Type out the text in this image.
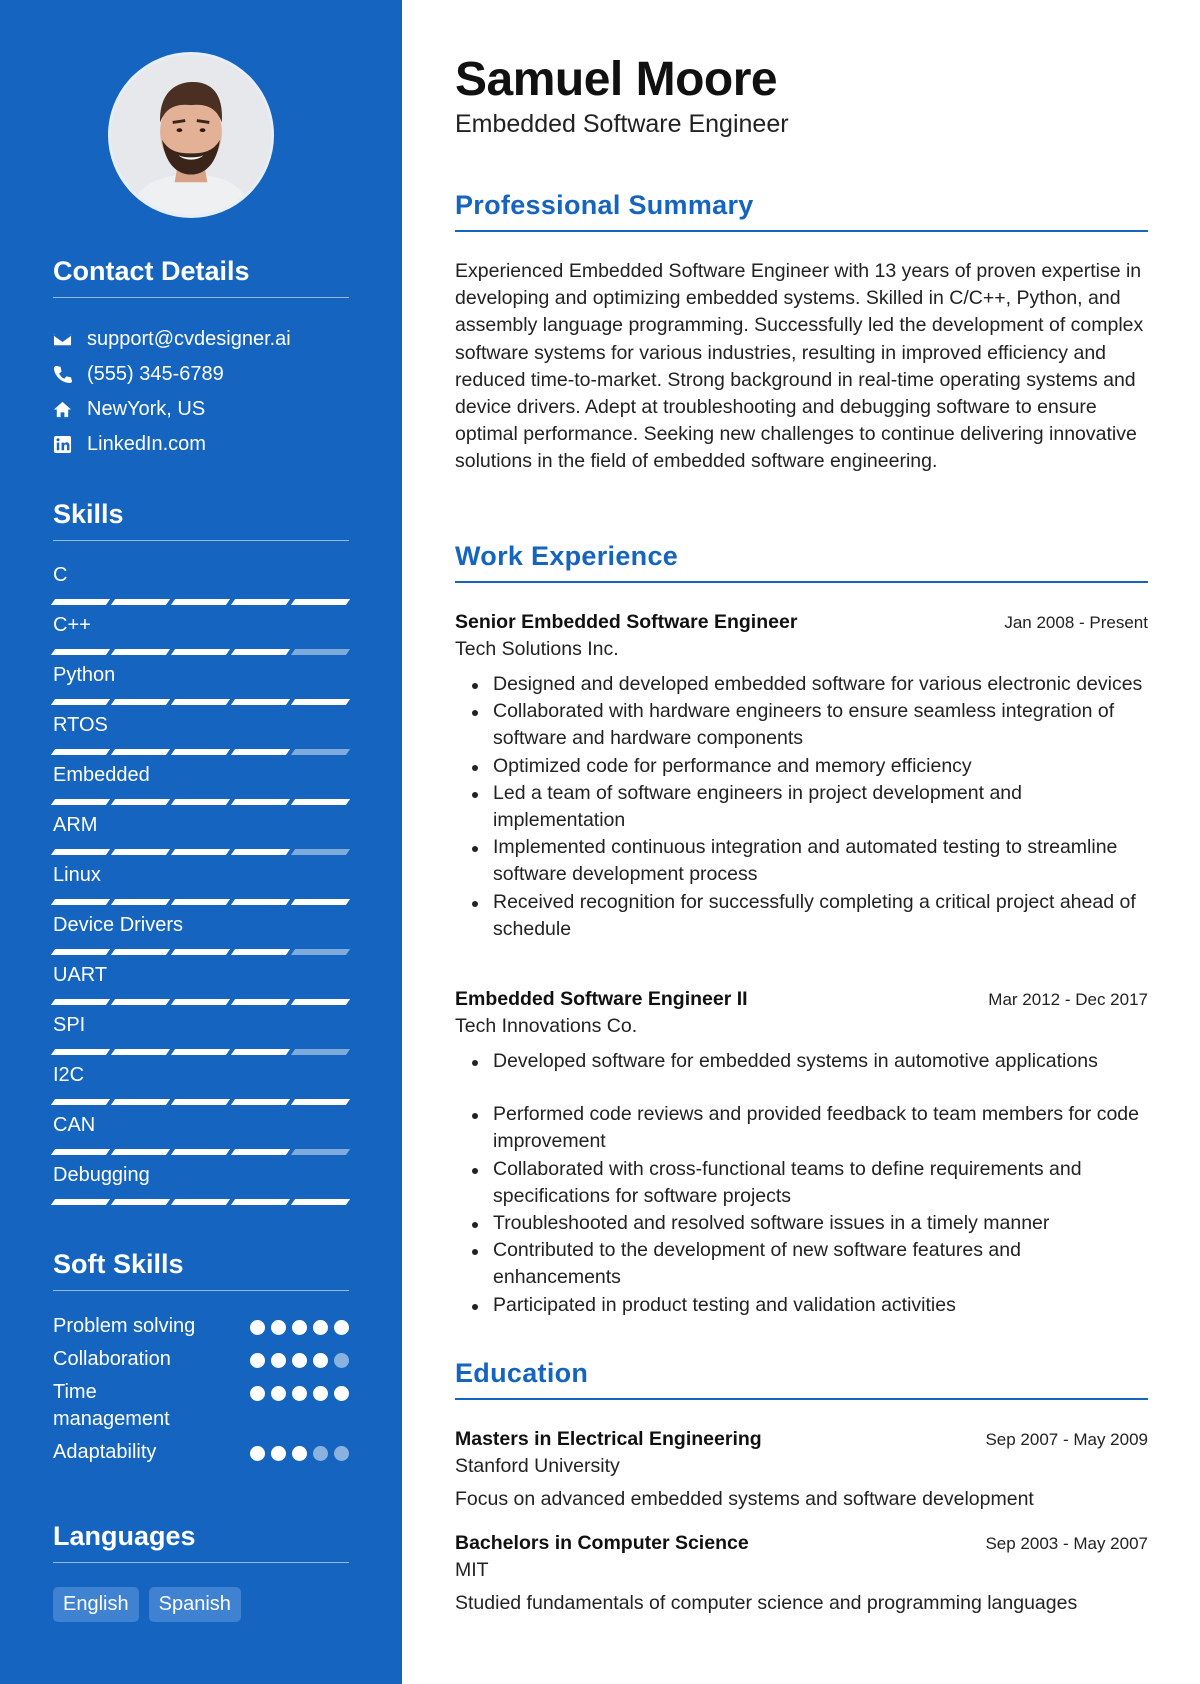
Contact Details
support@cvdesigner.ai
(555) 345-6789
NewYork, US
LinkedIn.com
Skills
C
C++
Python
RTOS
Embedded
ARM
Linux
Device Drivers
UART
SPI
I2C
CAN
Debugging
Soft Skills
Problem solving
Collaboration
Time management
Adaptability
Languages
English	Spanish
Samuel Moore
Embedded Software Engineer
Professional Summary

Experienced Embedded Software Engineer with 13 years of proven expertise in developing and optimizing embedded systems. Skilled in C/C++, Python, and assembly language programming. Successfully led the development of complex software systems for various industries, resulting in improved efficiency and reduced time-to-market. Strong background in real-time operating systems and device drivers. Adept at troubleshooting and debugging software to ensure optimal performance. Seeking new challenges to continue delivering innovative solutions in the field of embedded software engineering.

Work Experience
Senior Embedded Software Engineer	Jan 2008 - Present
Tech Solutions Inc.
Designed and developed embedded software for various electronic devices
Collaborated with hardware engineers to ensure seamless integration of software and hardware components
Optimized code for performance and memory efficiency
Led a team of software engineers in project development and implementation
Implemented continuous integration and automated testing to streamline software development process
Received recognition for successfully completing a critical project ahead of schedule
Embedded Software Engineer II	Mar 2012 - Dec 2017
Tech Innovations Co.
Developed software for embedded systems in automotive applications
Performed code reviews and provided feedback to team members for code improvement
Collaborated with cross-functional teams to define requirements and specifications for software projects
Troubleshooted and resolved software issues in a timely manner
Contributed to the development of new software features and enhancements
Participated in product testing and validation activities
Education
Masters in Electrical Engineering	Sep 2007 - May 2009
Stanford University
Focus on advanced embedded systems and software development
Bachelors in Computer Science	Sep 2003 - May 2007
MIT
Studied fundamentals of computer science and programming languages
